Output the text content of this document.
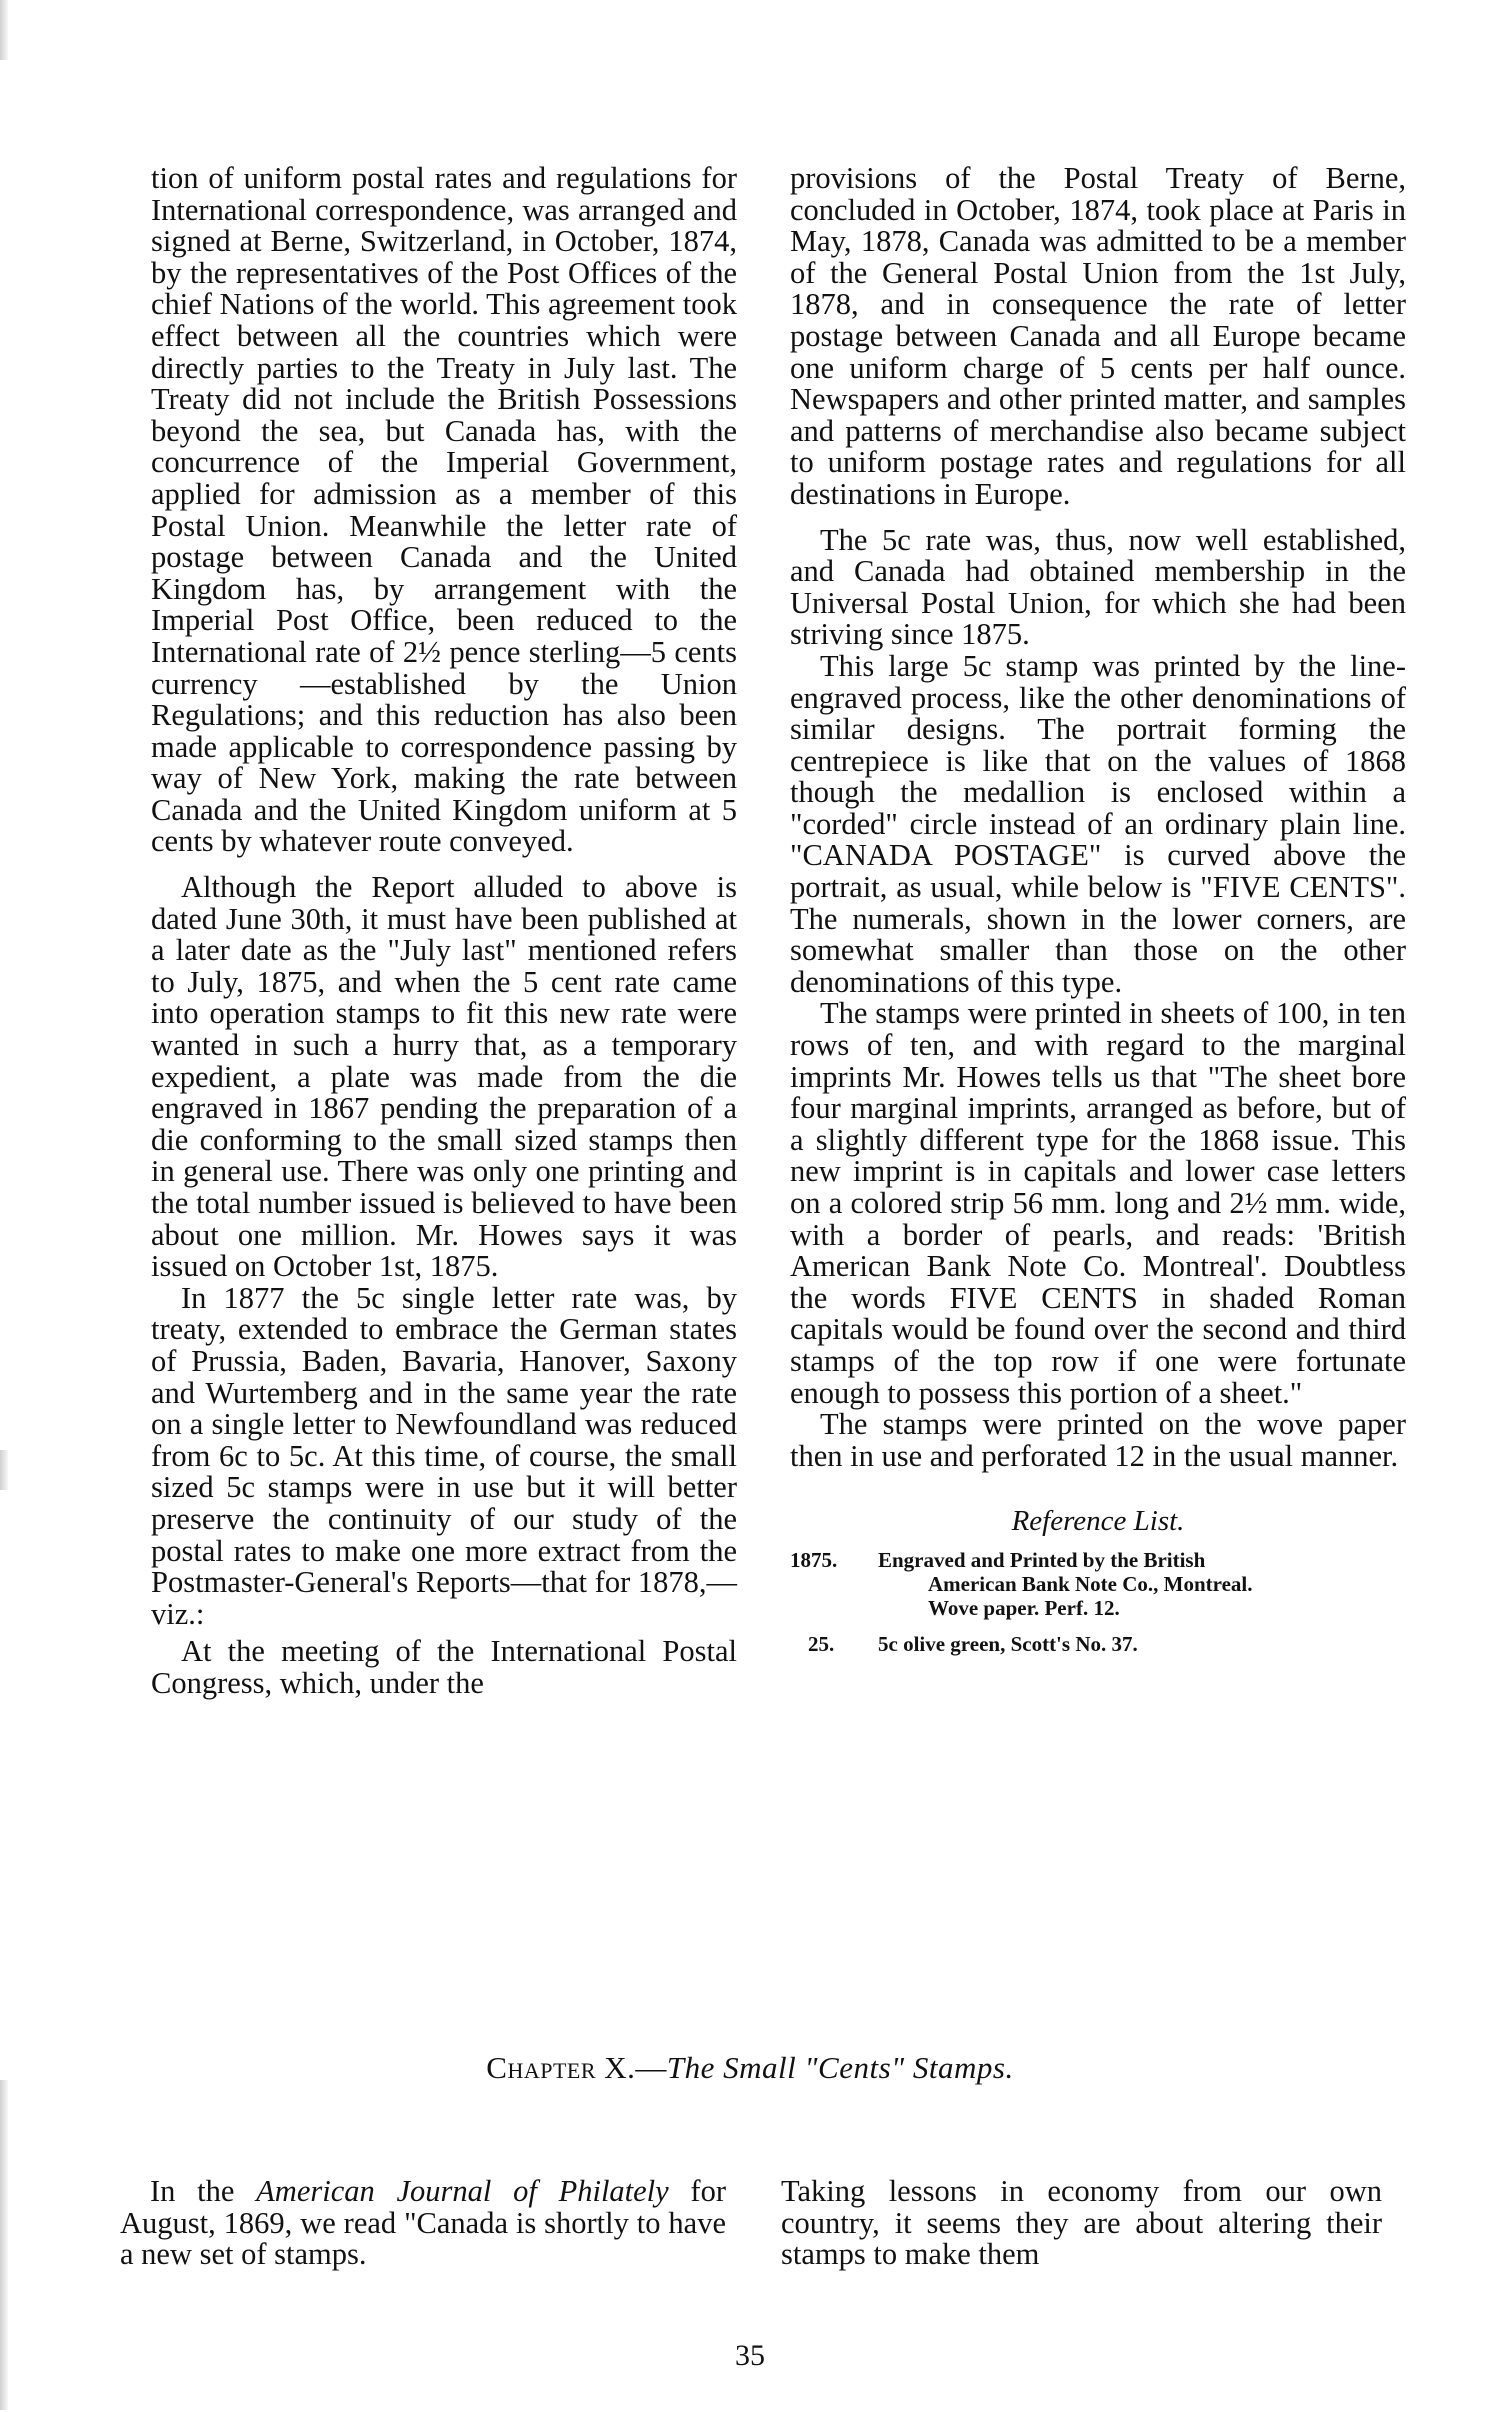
tion of uniform postal rates and regulations for International correspondence, was arranged and signed at Berne, Switzerland, in October, 1874, by the representatives of the Post Offices of the chief Nations of the world. This agreement took effect between all the countries which were directly parties to the Treaty in July last. The Treaty did not include the British Possessions beyond the sea, but Canada has, with the concurrence of the Imperial Government, applied for admission as a member of this Postal Union. Meanwhile the letter rate of postage between Canada and the United Kingdom has, by arrangement with the Imperial Post Office, been reduced to the International rate of 2½ pence sterling—5 cents currency —established by the Union Regulations; and this reduction has also been made applicable to correspondence passing by way of New York, making the rate between Canada and the United Kingdom uniform at 5 cents by whatever route conveyed.

Although the Report alluded to above is dated June 30th, it must have been published at a later date as the "July last" mentioned refers to July, 1875, and when the 5 cent rate came into operation stamps to fit this new rate were wanted in such a hurry that, as a temporary expedient, a plate was made from the die engraved in 1867 pending the preparation of a die conforming to the small sized stamps then in general use. There was only one printing and the total number issued is believed to have been about one million. Mr. Howes says it was issued on October 1st, 1875.

In 1877 the 5c single letter rate was, by treaty, extended to embrace the German states of Prussia, Baden, Bavaria, Hanover, Saxony and Wurtemberg and in the same year the rate on a single letter to Newfoundland was reduced from 6c to 5c. At this time, of course, the small sized 5c stamps were in use but it will better preserve the continuity of our study of the postal rates to make one more extract from the Postmaster-General's Reports—that for 1878,—viz.:

At the meeting of the International Postal Congress, which, under the

provisions of the Postal Treaty of Berne, concluded in October, 1874, took place at Paris in May, 1878, Canada was admitted to be a member of the General Postal Union from the 1st July, 1878, and in consequence the rate of letter postage between Canada and all Europe became one uniform charge of 5 cents per half ounce. Newspapers and other printed matter, and samples and patterns of merchandise also became subject to uniform postage rates and regulations for all destinations in Europe.

The 5c rate was, thus, now well established, and Canada had obtained membership in the Universal Postal Union, for which she had been striving since 1875.

This large 5c stamp was printed by the line-engraved process, like the other denominations of similar designs. The portrait forming the centrepiece is like that on the values of 1868 though the medallion is enclosed within a "corded" circle instead of an ordinary plain line. "CANADA POSTAGE" is curved above the portrait, as usual, while below is "FIVE CENTS". The numerals, shown in the lower corners, are somewhat smaller than those on the other denominations of this type.

The stamps were printed in sheets of 100, in ten rows of ten, and with regard to the marginal imprints Mr. Howes tells us that "The sheet bore four marginal imprints, arranged as before, but of a slightly different type for the 1868 issue. This new imprint is in capitals and lower case letters on a colored strip 56 mm. long and 2½ mm. wide, with a border of pearls, and reads: 'British American Bank Note Co. Montreal'. Doubtless the words FIVE CENTS in shaded Roman capitals would be found over the second and third stamps of the top row if one were fortunate enough to possess this portion of a sheet."

The stamps were printed on the wove paper then in use and perforated 12 in the usual manner.

Reference List.
1875.	Engraved and Printed by the British
American Bank Note Co., Montreal.
Wove paper. Perf. 12.
25.	5c olive green, Scott's No. 37.
Chapter X.—The Small "Cents" Stamps.

In the American Journal of Philately for August, 1869, we read "Canada is shortly to have a new set of stamps.

Taking lessons in economy from our own country, it seems they are about altering their stamps to make them

35
